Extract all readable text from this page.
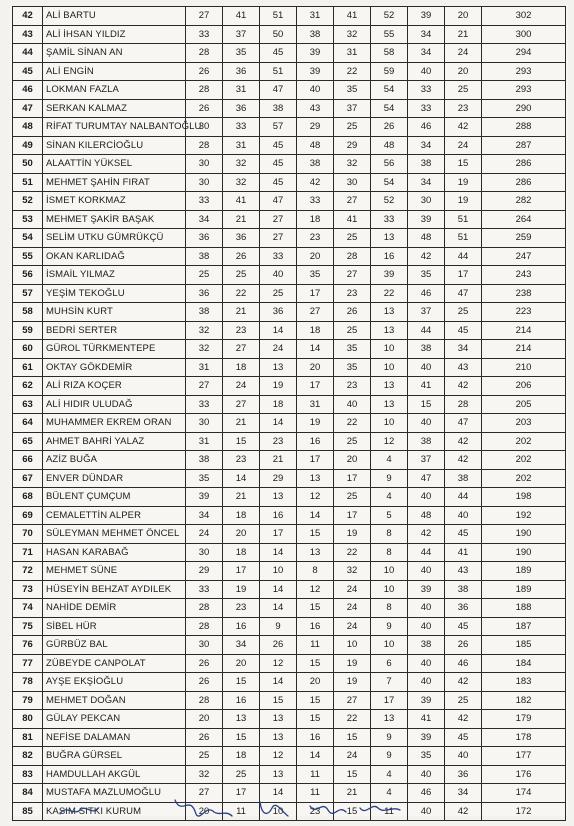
42	ALİ BARTU	27	41	51	31	41	52	39	20	302
43	ALİ İHSAN YILDIZ	33	37	50	38	32	55	34	21	300
44	ŞAMİL SİNAN AN	28	35	45	39	31	58	34	24	294
45	ALİ ENGİN	26	36	51	39	22	59	40	20	293
46	LOKMAN FAZLA	28	31	47	40	35	54	33	25	293
47	SERKAN KALMAZ	26	36	38	43	37	54	33	23	290
48	RİFAT TURUMTAY NALBANTOĞLU	30	33	57	29	25	26	46	42	288
49	SİNAN KILERCİOĞLU	28	31	45	48	29	48	34	24	287
50	ALAATTİN YÜKSEL	30	32	45	38	32	56	38	15	286
51	MEHMET ŞAHİN FIRAT	30	32	45	42	30	54	34	19	286
52	İSMET KORKMAZ	33	41	47	33	27	52	30	19	282
53	MEHMET ŞAKİR BAŞAK	34	21	27	18	41	33	39	51	264
54	SELİM UTKU GÜMRÜKÇÜ	36	36	27	23	25	13	48	51	259
55	OKAN KARLIDAĞ	38	26	33	20	28	16	42	44	247
56	İSMAİL YILMAZ	25	25	40	35	27	39	35	17	243
57	YEŞİM TEKOĞLU	36	22	25	17	23	22	46	47	238
58	MUHSİN KURT	38	21	36	27	26	13	37	25	223
59	BEDRİ SERTER	32	23	14	18	25	13	44	45	214
60	GÜROL TÜRKMENTEPE	32	27	24	14	35	10	38	34	214
61	OKTAY GÖKDEMİR	31	18	13	20	35	10	40	43	210
62	ALİ RIZA KOÇER	27	24	19	17	23	13	41	42	206
63	ALİ HIDIR ULUDAĞ	33	27	18	31	40	13	15	28	205
64	MUHAMMER EKREM ORAN	30	21	14	19	22	10	40	47	203
65	AHMET BAHRİ YALAZ	31	15	23	16	25	12	38	42	202
66	AZİZ BUĞA	38	23	21	17	20	4	37	42	202
67	ENVER DÜNDAR	35	14	29	13	17	9	47	38	202
68	BÜLENT ÇUMÇUM	39	21	13	12	25	4	40	44	198
69	CEMALETTİN ALPER	34	18	16	14	17	5	48	40	192
70	SÜLEYMAN MEHMET ÖNCEL	24	20	17	15	19	8	42	45	190
71	HASAN KARABAĞ	30	18	14	13	22	8	44	41	190
72	MEHMET SÜNE	29	17	10	8	32	10	40	43	189
73	HÜSEYİN BEHZAT AYDILEK	33	19	14	12	24	10	39	38	189
74	NAHİDE DEMİR	28	23	14	15	24	8	40	36	188
75	SİBEL HÜR	28	16	9	16	24	9	40	45	187
76	GÜRBÜZ BAL	30	34	26	11	10	10	38	26	185
77	ZÜBEYDE CANPOLAT	26	20	12	15	19	6	40	46	184
78	AYŞE EKŞİOĞLU	26	15	14	20	19	7	40	42	183
79	MEHMET DOĞAN	28	16	15	15	27	17	39	25	182
80	GÜLAY PEKCAN	20	13	13	15	22	13	41	42	179
81	NEFİSE DALAMAN	26	15	13	16	15	9	39	45	178
82	BUĞRA GÜRSEL	25	18	12	14	24	9	35	40	177
83	HAMDULLAH AKGÜL	32	25	13	11	15	4	40	36	176
84	MUSTAFA MAZLUMOĞLU	27	17	14	11	21	4	46	34	174
85	KASIM SITKI KURUM	20	11	10	23	15	11	40	42	172
